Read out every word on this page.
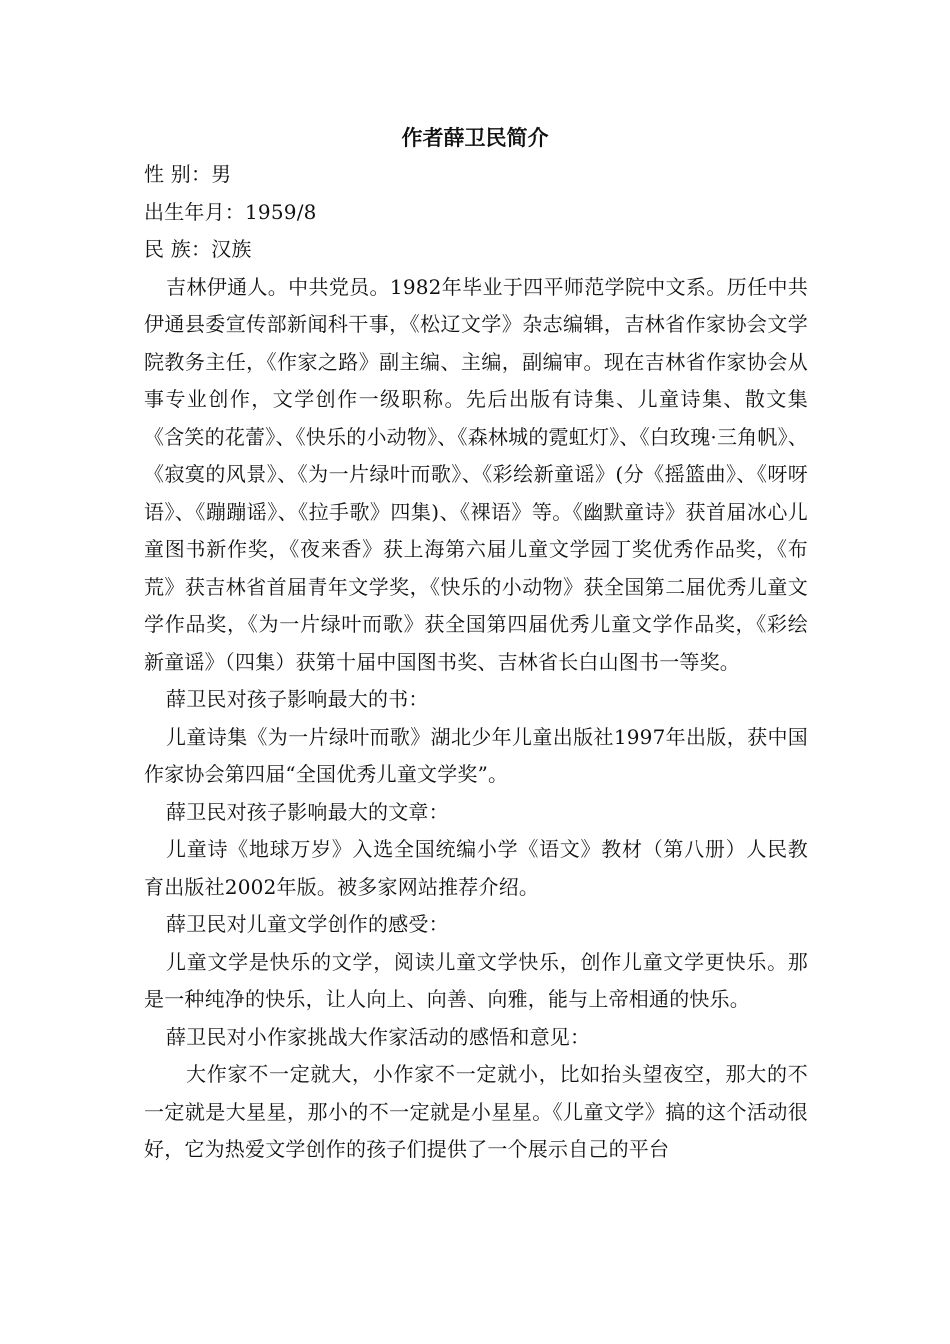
作者薛卫民简介

性 别：男

出生年月：1959/8

民 族：汉族

吉林伊通人。中共党员。1982年毕业于四平师范学院中文系。历任中共伊通县委宣传部新闻科干事，《松辽文学》杂志编辑，吉林省作家协会文学院教务主任，《作家之路》副主编、主编，副编审。现在吉林省作家协会从事专业创作，文学创作一级职称。先后出版有诗集、儿童诗集、散文集《含笑的花蕾》、《快乐的小动物》、《森林城的霓虹灯》、《白玫瑰·三角帆》、《寂寞的风景》、《为一片绿叶而歌》、《彩绘新童谣》(分《摇篮曲》、《呀呀语》、《蹦蹦谣》、《拉手歌》四集)、《裸语》等。《幽默童诗》获首届冰心儿童图书新作奖，《夜来香》获上海第六届儿童文学园丁奖优秀作品奖，《布荒》获吉林省首届青年文学奖，《快乐的小动物》获全国第二届优秀儿童文学作品奖，《为一片绿叶而歌》获全国第四届优秀儿童文学作品奖，《彩绘新童谣》（四集）获第十届中国图书奖、吉林省长白山图书一等奖。

薛卫民对孩子影响最大的书：

儿童诗集《为一片绿叶而歌》湖北少年儿童出版社1997年出版，获中国作家协会第四届“全国优秀儿童文学奖”。

薛卫民对孩子影响最大的文章：

儿童诗《地球万岁》入选全国统编小学《语文》教材（第八册）人民教育出版社2002年版。被多家网站推荐介绍。

薛卫民对儿童文学创作的感受：

儿童文学是快乐的文学，阅读儿童文学快乐，创作儿童文学更快乐。那是一种纯净的快乐，让人向上、向善、向雅，能与上帝相通的快乐。

薛卫民对小作家挑战大作家活动的感悟和意见：

大作家不一定就大，小作家不一定就小，比如抬头望夜空，那大的不一定就是大星星，那小的不一定就是小星星。《儿童文学》搞的这个活动很好，它为热爱文学创作的孩子们提供了一个展示自己的平台
